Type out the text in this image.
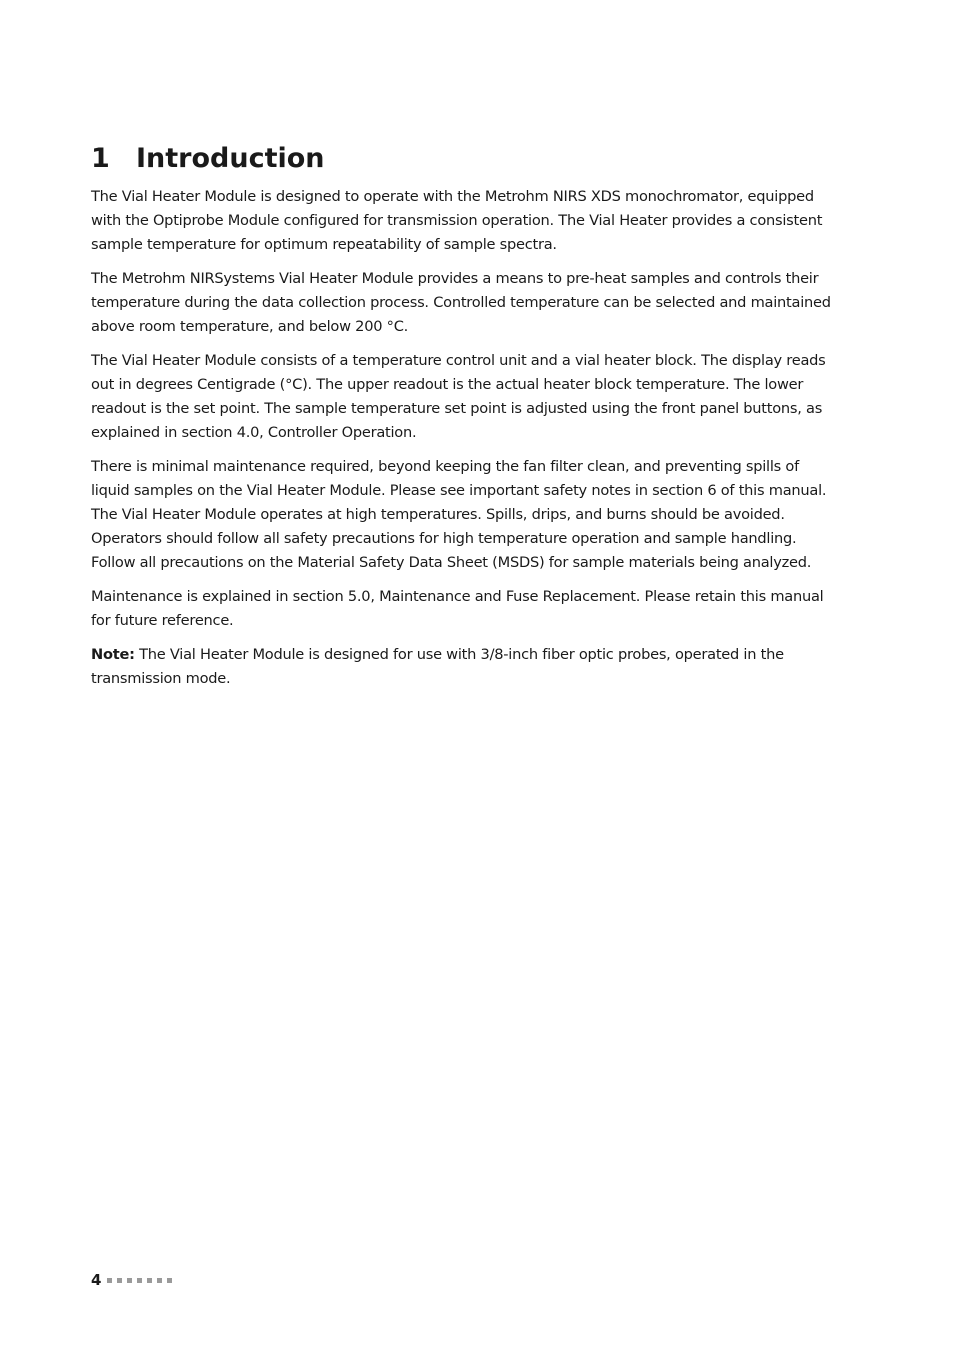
1 Introduction

The Vial Heater Module is designed to operate with the Metrohm NIRS XDS monochromator, equipped with the Optiprobe Module configured for transmission operation. The Vial Heater provides a consistent sample temperature for optimum repeatability of sample spectra.

The Metrohm NIRSystems Vial Heater Module provides a means to pre-heat samples and controls their temperature during the data collection process. Controlled temperature can be selected and maintained above room temperature, and below 200 °C.

The Vial Heater Module consists of a temperature control unit and a vial heater block. The display reads out in degrees Centigrade (°C). The upper readout is the actual heater block temperature. The lower readout is the set point. The sample temperature set point is adjusted using the front panel buttons, as explained in section 4.0, Controller Operation.

There is minimal maintenance required, beyond keeping the fan filter clean, and preventing spills of liquid samples on the Vial Heater Module. Please see important safety notes in section 6 of this manual. The Vial Heater Module operates at high temperatures. Spills, drips, and burns should be avoided. Operators should follow all safety precautions for high temperature operation and sample handling. Follow all precautions on the Material Safety Data Sheet (MSDS) for sample materials being analyzed.

Maintenance is explained in section 5.0, Maintenance and Fuse Replacement. Please retain this manual for future reference.

Note: The Vial Heater Module is designed for use with 3/8-inch fiber optic probes, operated in the transmission mode.

4
